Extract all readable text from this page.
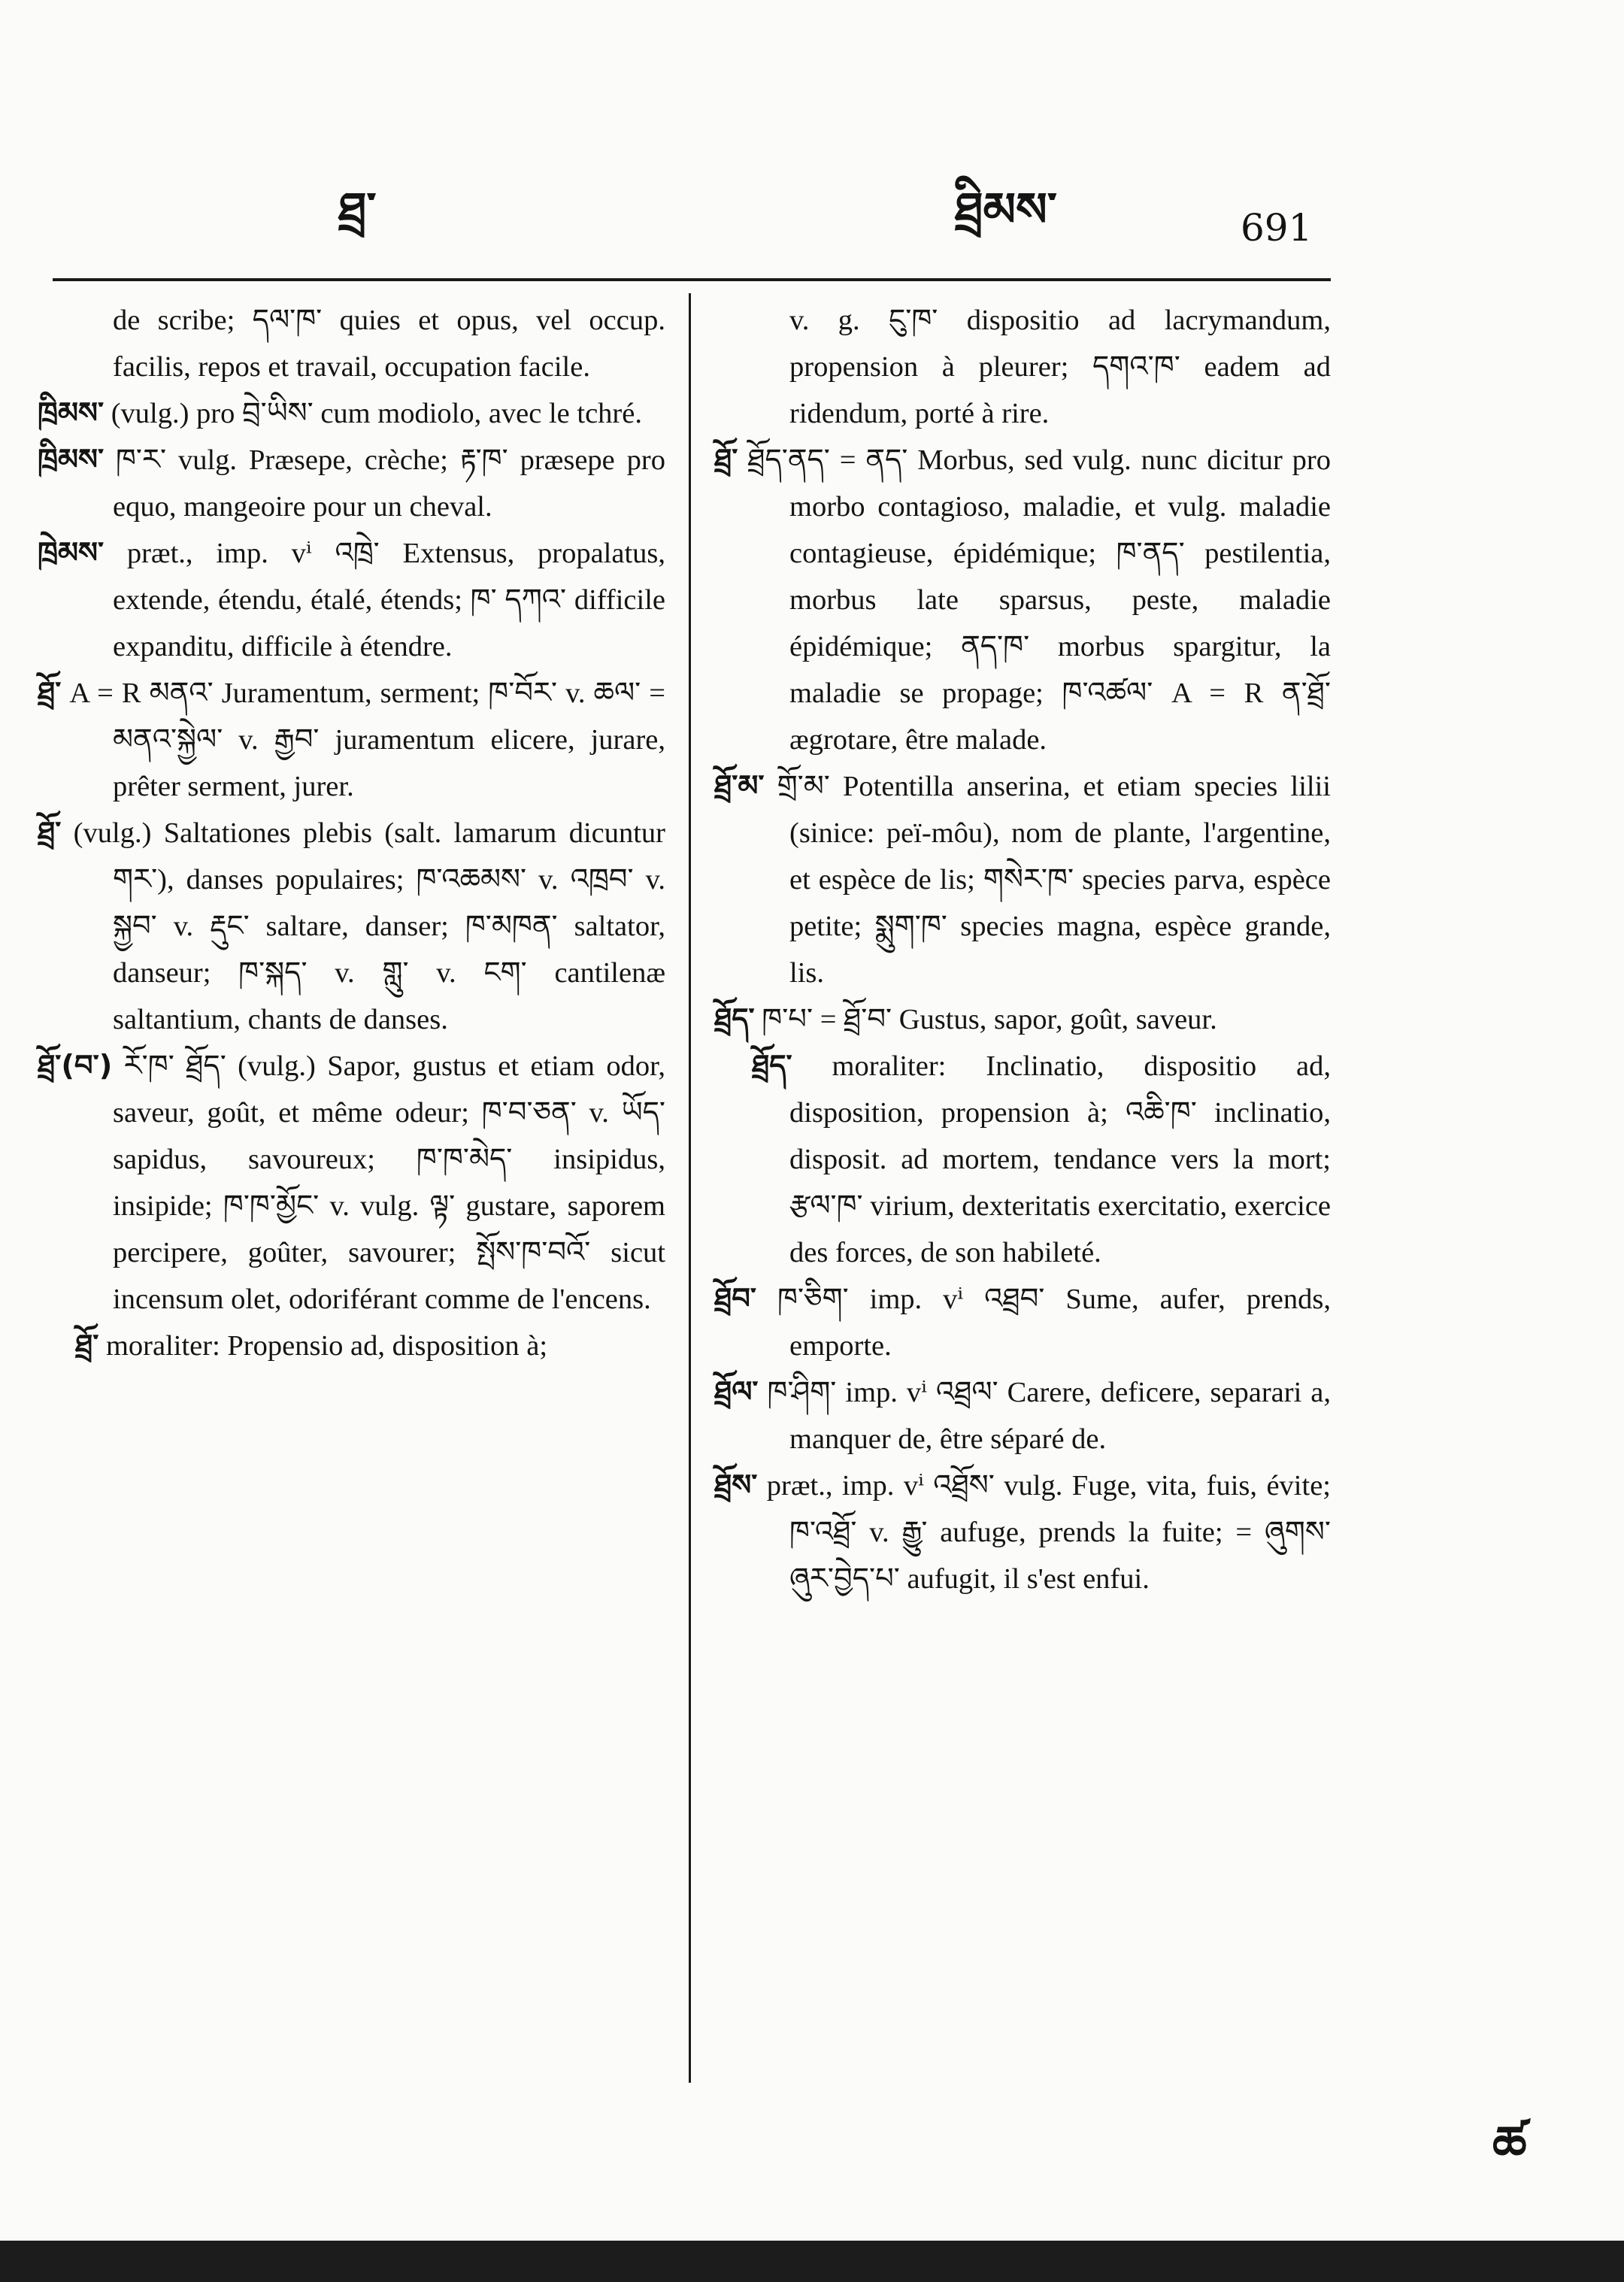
ཐྲ་	ཐྲིམས་	691

de scribe; དལ་ཁ་ quies et opus, vel occup. facilis, repos et travail, occupation facile.

ཁྲིམས་ (vulg.) pro བྲེ་ཡིས་ cum modiolo, avec le tchré.

ཁྲིམས་ ཁ་ར་ vulg. Præsepe, crèche; རྟ་ཁ་ præsepe pro equo, mangeoire pour un cheval.

ཁྲེམས་ præt., imp. vⁱ འཁྲེ་ Extensus, propalatus, extende, étendu, étalé, étends; ཁ་ དཀའ་ difficile expanditu, difficile à étendre.

ཐྲོ་ A = R མནའ་ Juramentum, serment; ཁ་བོར་ v. ཆལ་ = མནའ་སྐྱེལ་ v. རྒྱབ་ juramentum elicere, jurare, prêter serment, jurer.

ཐྲོ་ (vulg.) Saltationes plebis (salt. lamarum dicuntur གར་), danses populaires; ཁ་འཆམས་ v. འཁྲབ་ v. སྐྱབ་ v. རྡུང་ saltare, danser; ཁ་མཁན་ saltator, danseur; ཁ་སྐད་ v. གླུ་ v. ངག་ cantilenæ saltantium, chants de danses.

ཐྲོ་(བ་) རོ་ཁ་ ཐྲོད་ (vulg.) Sapor, gustus et etiam odor, saveur, goût, et même odeur; ཁ་བ་ཅན་ v. ཡོད་ sapidus, savoureux; ཁ་ཁ་མེད་ insipidus, insipide; ཁ་ཁ་མྱོང་ v. vulg. ལྟ་ gustare, saporem percipere, goûter, savourer; སྤོས་ཁ་བའོ་ sicut incensum olet, odoriférant comme de l'encens.

ཐྲོ་ moraliter: Propensio ad, disposition à;

v. g. ངུ་ཁ་ dispositio ad lacrymandum, propension à pleurer; དགའ་ཁ་ eadem ad ridendum, porté à rire.

ཐྲོ་ ཐྲོད་ནད་ = ནད་ Morbus, sed vulg. nunc dicitur pro morbo contagioso, maladie, et vulg. maladie contagieuse, épidémique; ཁ་ནད་ pestilentia, morbus late sparsus, peste, maladie épidémique; ནད་ཁ་ morbus spargitur, la maladie se propage; ཁ་འཚལ་ A = R ན་ཐྲོ་ ægrotare, être malade.

ཐྲོ་མ་ གྲོ་མ་ Potentilla anserina, et etiam species lilii (sinice: peï-môu), nom de plante, l'argentine, et espèce de lis; གསེར་ཁ་ species parva, espèce petite; སྨུག་ཁ་ species magna, espèce grande, lis.

ཐྲོད་ ཁ་པ་ = ཐྲོ་བ་ Gustus, sapor, goût, saveur.

ཐྲོད་ moraliter: Inclinatio, dispositio ad, disposition, propension à; འཆི་ཁ་ inclinatio, disposit. ad mortem, tendance vers la mort; རྩལ་ཁ་ virium, dexteritatis exercitatio, exercice des forces, de son habileté.

ཐྲོབ་ ཁ་ཅིག་ imp. vⁱ འཐྲབ་ Sume, aufer, prends, emporte.

ཐྲོལ་ ཁ་ཤིག་ imp. vⁱ འཐྲལ་ Carere, deficere, separari a, manquer de, être séparé de.

ཐྲོས་ præt., imp. vⁱ འཐྲོས་ vulg. Fuge, vita, fuis, évite; ཁ་འཐྲོ་ v. རྒྱུ་ aufuge, prends la fuite; = ཞུགས་ཞུར་བྱེད་པ་ aufugit, il s'est enfui.

ཚ
